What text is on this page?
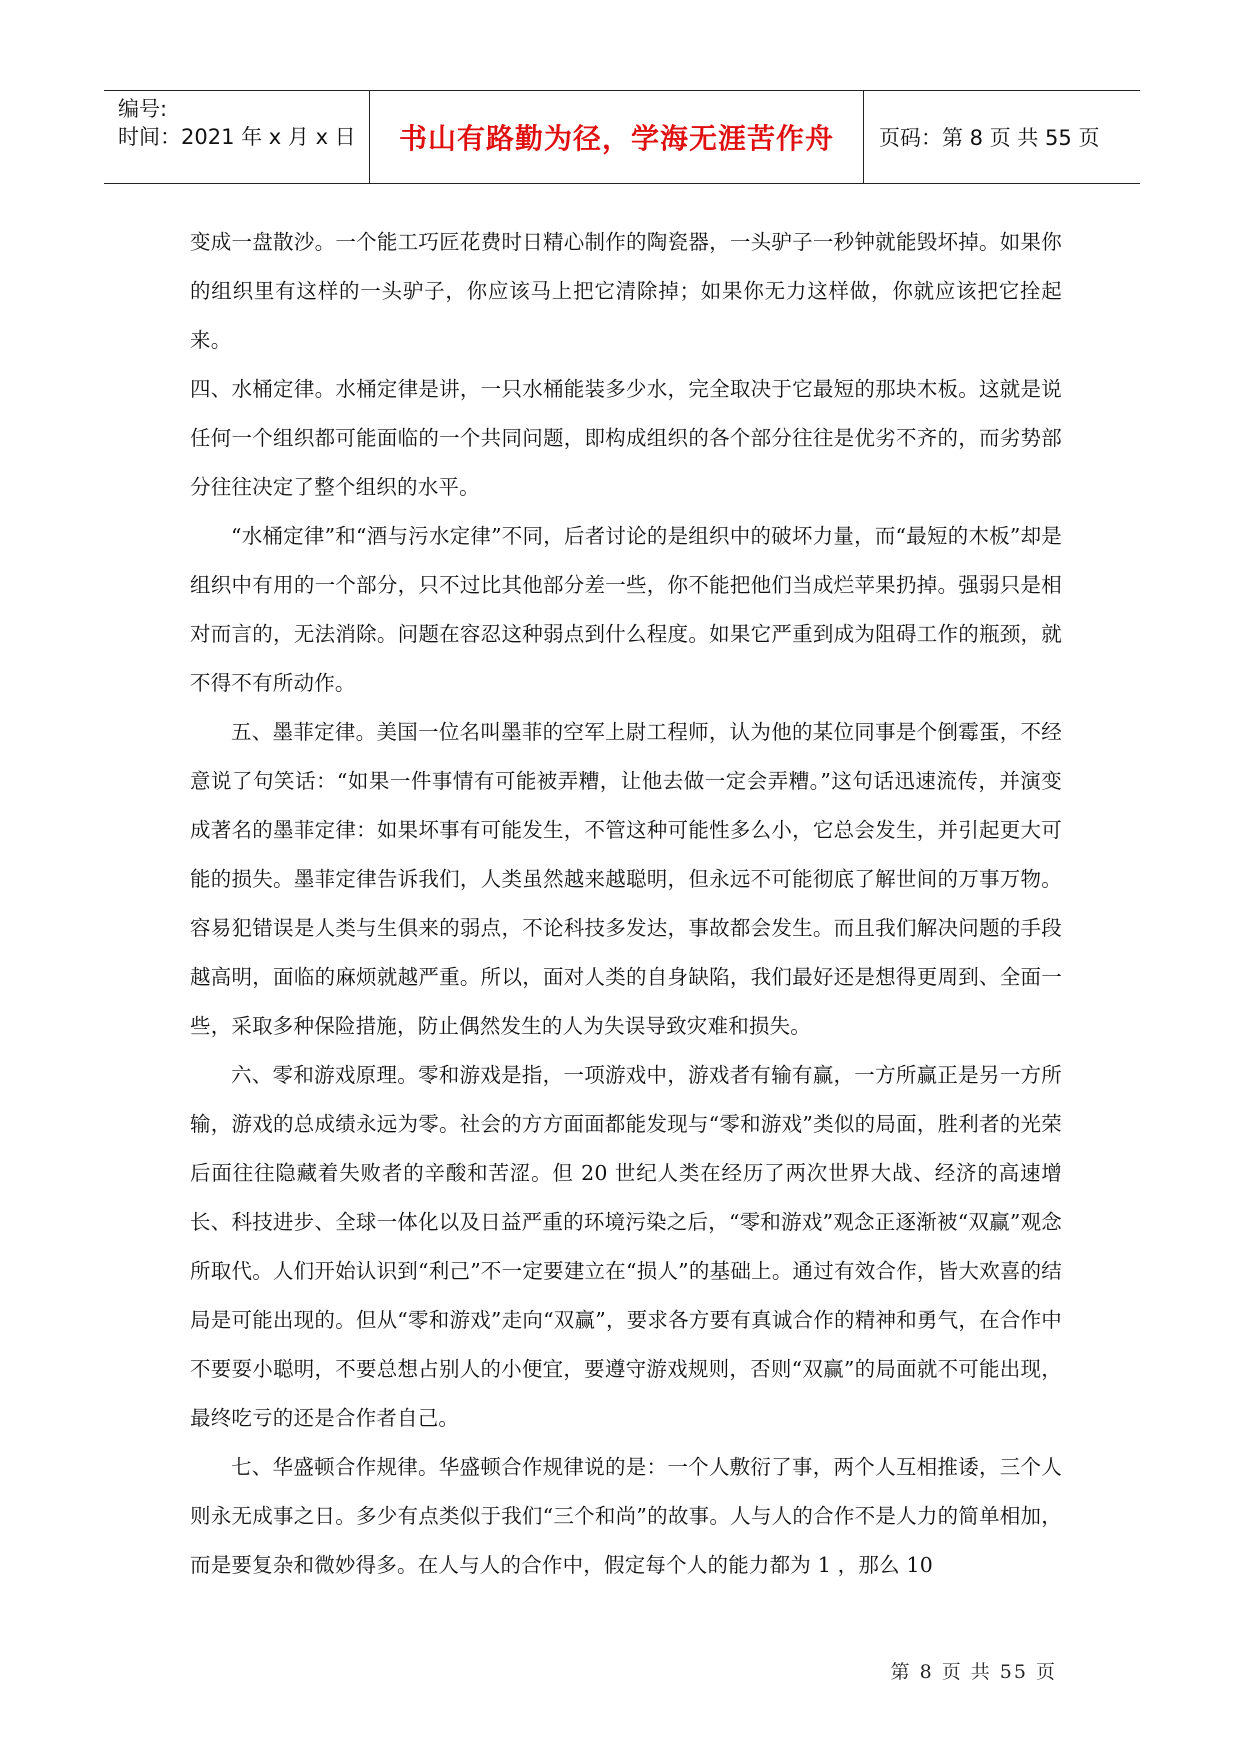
编号:
时间：2021 年 x 月 x 日 书山有路勤为径，学海无涯苦作舟 页码：第 8 页 共 55 页

变成一盘散沙。一个能工巧匠花费时日精心制作的陶瓷器，一头驴子一秒钟就能毁坏掉。如果你的组织里有这样的一头驴子，你应该马上把它清除掉；如果你无力这样做，你就应该把它拴起来。

四、水桶定律。水桶定律是讲，一只水桶能装多少水，完全取决于它最短的那块木板。这就是说任何一个组织都可能面临的一个共同问题，即构成组织的各个部分往往是优劣不齐的，而劣势部分往往决定了整个组织的水平。

“水桶定律”和“酒与污水定律”不同，后者讨论的是组织中的破坏力量，而“最短的木板”却是组织中有用的一个部分，只不过比其他部分差一些，你不能把他们当成烂苹果扔掉。强弱只是相对而言的，无法消除。问题在容忍这种弱点到什么程度。如果它严重到成为阻碍工作的瓶颈，就不得不有所动作。

五、墨菲定律。美国一位名叫墨菲的空军上尉工程师，认为他的某位同事是个倒霉蛋，不经意说了句笑话：“如果一件事情有可能被弄糟，让他去做一定会弄糟。”这句话迅速流传，并演变成著名的墨菲定律：如果坏事有可能发生，不管这种可能性多么小，它总会发生，并引起更大可能的损失。墨菲定律告诉我们，人类虽然越来越聪明，但永远不可能彻底了解世间的万事万物。容易犯错误是人类与生俱来的弱点，不论科技多发达，事故都会发生。而且我们解决问题的手段越高明，面临的麻烦就越严重。所以，面对人类的自身缺陷，我们最好还是想得更周到、全面一些，采取多种保险措施，防止偶然发生的人为失误导致灾难和损失。

六、零和游戏原理。零和游戏是指，一项游戏中，游戏者有输有赢，一方所赢正是另一方所输，游戏的总成绩永远为零。社会的方方面面都能发现与“零和游戏”类似的局面，胜利者的光荣后面往往隐藏着失败者的辛酸和苦涩。但 20 世纪人类在经历了两次世界大战、经济的高速增长、科技进步、全球一体化以及日益严重的环境污染之后，“零和游戏”观念正逐渐被“双赢”观念所取代。人们开始认识到“利己”不一定要建立在“损人”的基础上。通过有效合作，皆大欢喜的结局是可能出现的。但从“零和游戏”走向“双赢”，要求各方要有真诚合作的精神和勇气，在合作中不要耍小聪明，不要总想占别人的小便宜，要遵守游戏规则，否则“双赢”的局面就不可能出现，最终吃亏的还是合作者自己。

七、华盛顿合作规律。华盛顿合作规律说的是：一个人敷衍了事，两个人互相推诿，三个人则永无成事之日。多少有点类似于我们“三个和尚”的故事。人与人的合作不是人力的简单相加，而是要复杂和微妙得多。在人与人的合作中，假定每个人的能力都为 1 ，那么 10

第 8 页 共 55 页
